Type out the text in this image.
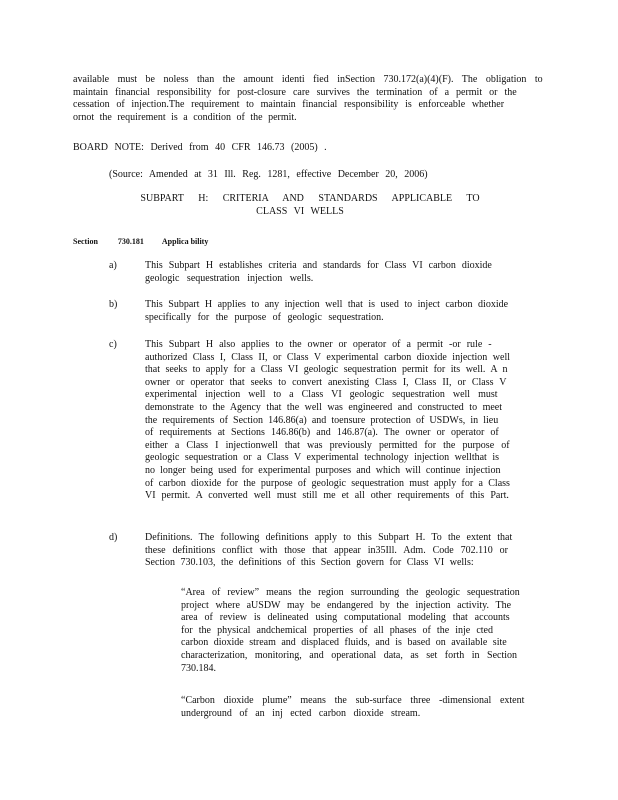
available must be noless than the amount identi fied inSection 730.172(a)(4)(F). The obligation to
maintain financial responsibility for post-closure care survives the termination of a permit or the
cessation of injection.The requirement to maintain financial responsibility is enforceable whether
ornot the requirement is a condition of the permit.
BOARD NOTE: Derived from 40 CFR 146.73 (2005) .
(Source: Amended at 31 Ill. Reg. 1281, effective December 20, 2006)
SUBPART H: CRITERIA AND STANDARDS APPLICABLE TO
CLASS VI WELLS
Section	730.181 Applica bility
a)	This Subpart H establishes criteria and standards for Class VI carbon dioxide
geologic sequestration injection wells.
b)	This Subpart H applies to any injection well that is used to inject carbon dioxide
specifically for the purpose of geologic sequestration.
c)	This Subpart H also applies to the owner or operator of a permit -or rule -
authorized Class I, Class II, or Class V experimental carbon dioxide injection well
that seeks to apply for a Class VI geologic sequestration permit for its well. A n
owner or operator that seeks to convert anexisting Class I, Class II, or Class V
experimental injection well to a Class VI geologic sequestration well must
demonstrate to the Agency that the well was engineered and constructed to meet
the requirements of Section 146.86(a) and toensure protection of USDWs, in lieu
of requirements at Sections 146.86(b) and 146.87(a). The owner or operator of
either a Class I injectionwell that was previously permitted for the purpose of
geologic sequestration or a Class V experimental technology injection wellthat is
no longer being used for experimental purposes and which will continue injection
of carbon dioxide for the purpose of geologic sequestration must apply for a Class
VI permit. A converted well must still me et all other requirements of this Part.
d)	Definitions. The following definitions apply to this Subpart H. To the extent that
these definitions conflict with those that appear in35Ill. Adm. Code 702.110 or
Section 730.103, the definitions of this Section govern for Class VI wells:
“Area of review” means the region surrounding the geologic sequestration
project where aUSDW may be endangered by the injection activity. The
area of review is delineated using computational modeling that accounts
for the physical andchemical properties of all phases of the inje cted
carbon dioxide stream and displaced fluids, and is based on available site
characterization, monitoring, and operational data, as set forth in Section
730.184.
“Carbon dioxide plume” means the sub-surface three -dimensional extent
underground of an inj ected carbon dioxide stream.
